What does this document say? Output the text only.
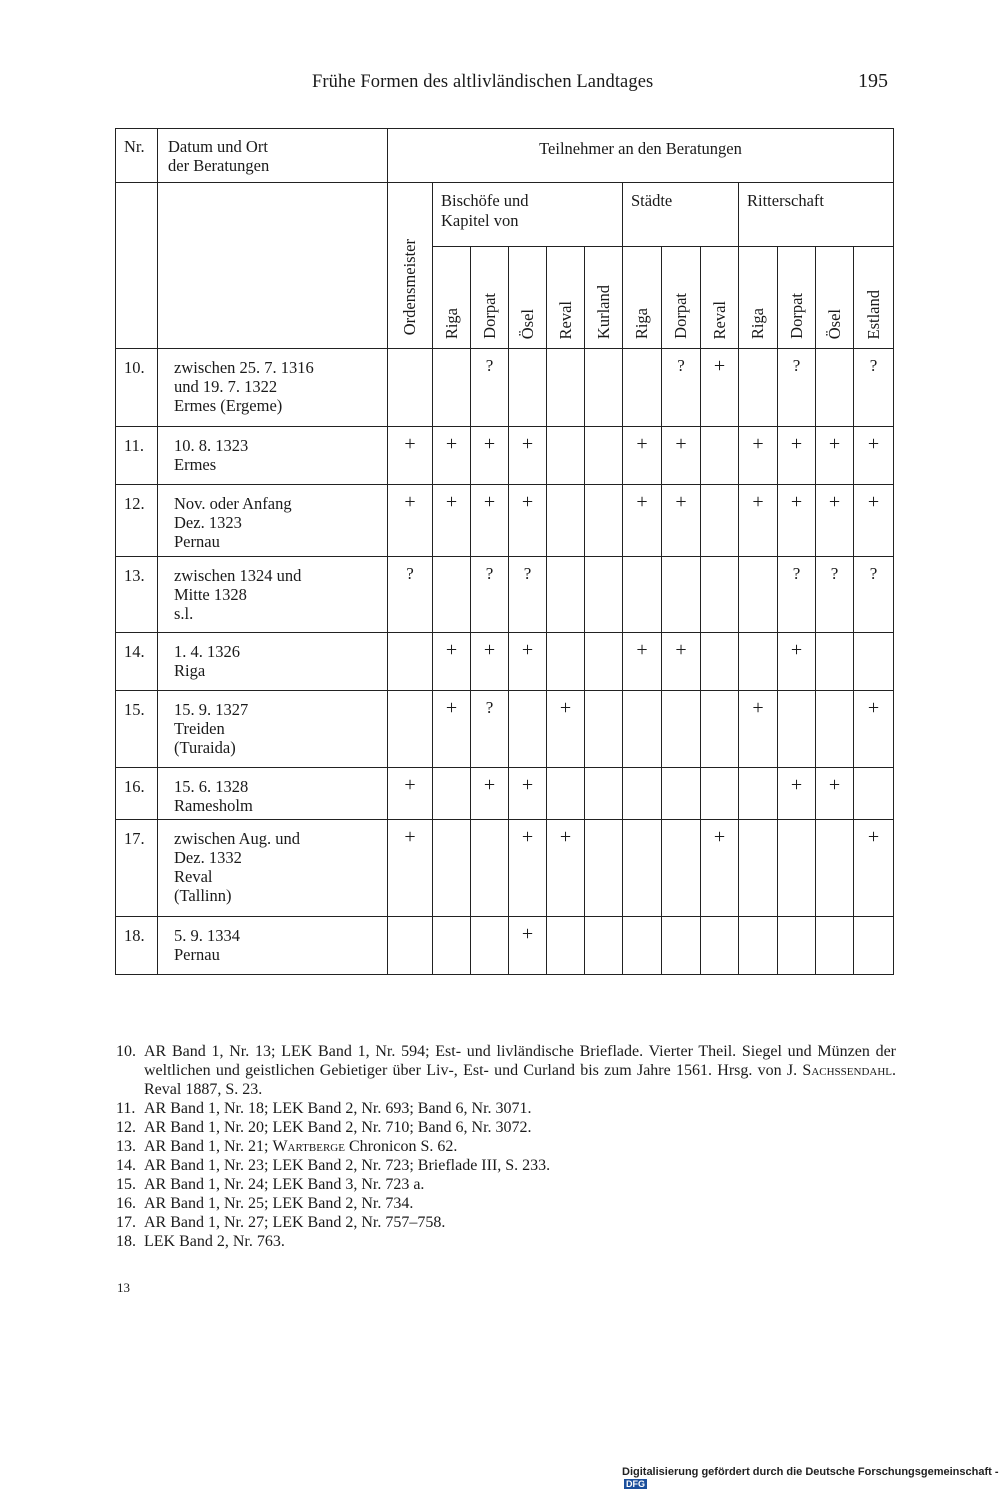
Frühe Formen des altlivländischen Landtages	195
Nr.	Datum und Ort
der Beratungen	Teilnehmer an den Beratungen												

		Ordensmeister	Bischöfe und
Kapitel von					Städte			Ritterschaft			

			Riga	Dorpat	Ösel	Reval	Kurland	Riga	Dorpat	Reval	Riga	Dorpat	Ösel	Estland

10.	zwischen 25. 7. 1316
und 19. 7. 1322
Ermes (Ergeme)			?					?	+		?		?
11.	10. 8. 1323
Ermes	+	+	+	+			+	+		+	+	+	+
12.	Nov. oder Anfang
Dez. 1323
Pernau	+	+	+	+			+	+		+	+	+	+
13.	zwischen 1324 und
Mitte 1328
s.l.	?		?	?							?	?	?
14.	1. 4. 1326
Riga		+	+	+			+	+			+		
15.	15. 9. 1327
Treiden
(Turaida)		+	?		+					+			+
16.	15. 6. 1328
Ramesholm	+		+	+							+	+	
17.	zwischen Aug. und
Dez. 1332
Reval
(Tallinn)	+			+	+				+				+
18.	5. 9. 1334
Pernau				+									
10. AR Band 1, Nr. 13; LEK Band 1, Nr. 594; Est- und livländische Brieflade. Vierter Theil. Siegel und Münzen der weltlichen und geistlichen Gebietiger über Liv-, Est- und Curland bis zum Jahre 1561. Hrsg. von J. Sachssendahl. Reval 1887, S. 23.
11. AR Band 1, Nr. 18; LEK Band 2, Nr. 693; Band 6, Nr. 3071.
12. AR Band 1, Nr. 20; LEK Band 2, Nr. 710; Band 6, Nr. 3072.
13. AR Band 1, Nr. 21; Wartberge Chronicon S. 62.
14. AR Band 1, Nr. 23; LEK Band 2, Nr. 723; Brieflade III, S. 233.
15. AR Band 1, Nr. 24; LEK Band 3, Nr. 723 a.
16. AR Band 1, Nr. 25; LEK Band 2, Nr. 734.
17. AR Band 1, Nr. 27; LEK Band 2, Nr. 757–758.
18. LEK Band 2, Nr. 763.
13
Digitalisierung gefördert durch die Deutsche Forschungsgemeinschaft -DFG
